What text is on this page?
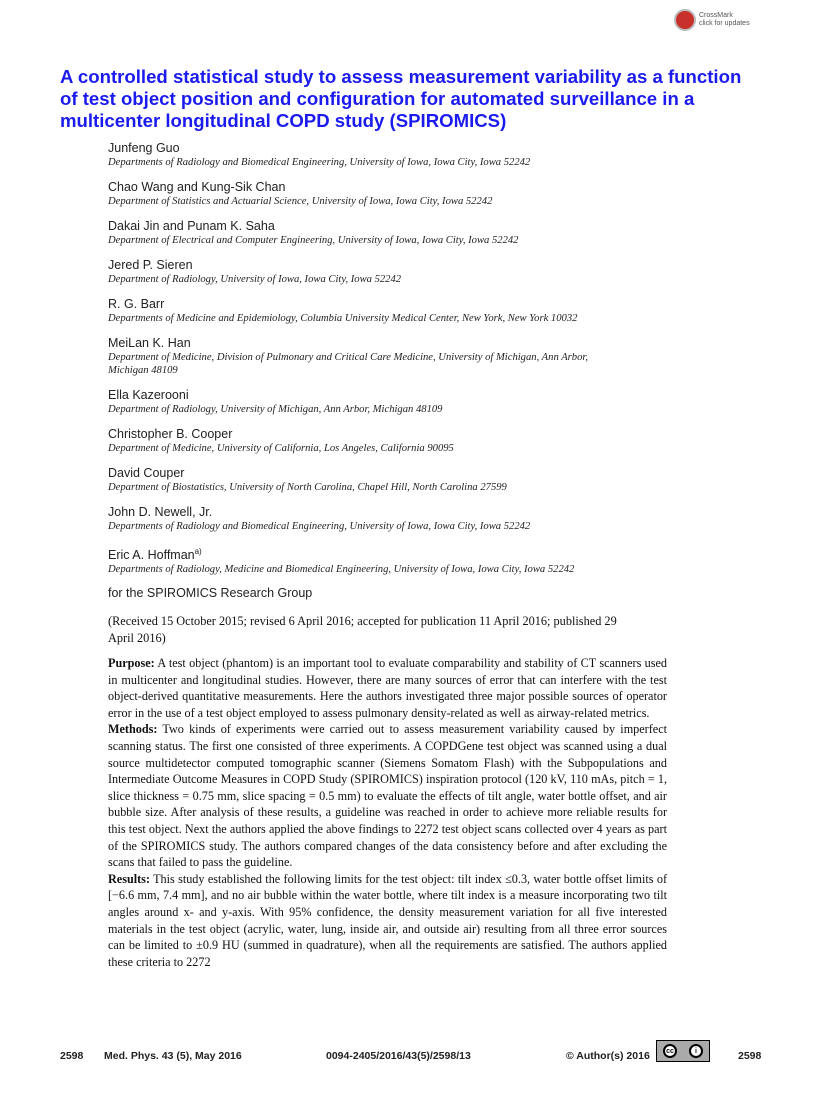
CrossMark
click for updates
A controlled statistical study to assess measurement variability as a function of test object position and configuration for automated surveillance in a multicenter longitudinal COPD study (SPIROMICS)
Junfeng Guo
Departments of Radiology and Biomedical Engineering, University of Iowa, Iowa City, Iowa 52242
Chao Wang and Kung-Sik Chan
Department of Statistics and Actuarial Science, University of Iowa, Iowa City, Iowa 52242
Dakai Jin and Punam K. Saha
Department of Electrical and Computer Engineering, University of Iowa, Iowa City, Iowa 52242
Jered P. Sieren
Department of Radiology, University of Iowa, Iowa City, Iowa 52242
R. G. Barr
Departments of Medicine and Epidemiology, Columbia University Medical Center, New York, New York 10032
MeiLan K. Han
Department of Medicine, Division of Pulmonary and Critical Care Medicine, University of Michigan, Ann Arbor, Michigan 48109
Ella Kazerooni
Department of Radiology, University of Michigan, Ann Arbor, Michigan 48109
Christopher B. Cooper
Department of Medicine, University of California, Los Angeles, California 90095
David Couper
Department of Biostatistics, University of North Carolina, Chapel Hill, North Carolina 27599
John D. Newell, Jr.
Departments of Radiology and Biomedical Engineering, University of Iowa, Iowa City, Iowa 52242
Eric A. Hoffman$^{a)}$
Departments of Radiology, Medicine and Biomedical Engineering, University of Iowa, Iowa City, Iowa 52242
for the SPIROMICS Research Group
(Received 15 October 2015; revised 6 April 2016; accepted for publication 11 April 2016; published 29 April 2016)

Purpose: A test object (phantom) is an important tool to evaluate comparability and stability of CT scanners used in multicenter and longitudinal studies. However, there are many sources of error that can interfere with the test object-derived quantitative measurements. Here the authors investigated three major possible sources of operator error in the use of a test object employed to assess pulmonary density-related as well as airway-related metrics.

Methods: Two kinds of experiments were carried out to assess measurement variability caused by imperfect scanning status. The first one consisted of three experiments. A COPDGene test object was scanned using a dual source multidetector computed tomographic scanner (Siemens Somatom Flash) with the Subpopulations and Intermediate Outcome Measures in COPD Study (SPIROMICS) inspiration protocol (120 kV, 110 mAs, pitch = 1, slice thickness = 0.75 mm, slice spacing = 0.5 mm) to evaluate the effects of tilt angle, water bottle offset, and air bubble size. After analysis of these results, a guideline was reached in order to achieve more reliable results for this test object. Next the authors applied the above findings to 2272 test object scans collected over 4 years as part of the SPIROMICS study. The authors compared changes of the data consistency before and after excluding the scans that failed to pass the guideline.

Results: This study established the following limits for the test object: tilt index ≤0.3, water bottle offset limits of [−6.6 mm, 7.4 mm], and no air bubble within the water bottle, where tilt index is a measure incorporating two tilt angles around x- and y-axis. With 95% confidence, the density measurement variation for all five interested materials in the test object (acrylic, water, lung, inside air, and outside air) resulting from all three error sources can be limited to ±0.9 HU (summed in quadrature), when all the requirements are satisfied. The authors applied these criteria to 2272

2598 Med. Phys. 43 (5), May 2016	0094-2405/2016/43(5)/2598/13	© Author(s) 2016	2598
cc	i
